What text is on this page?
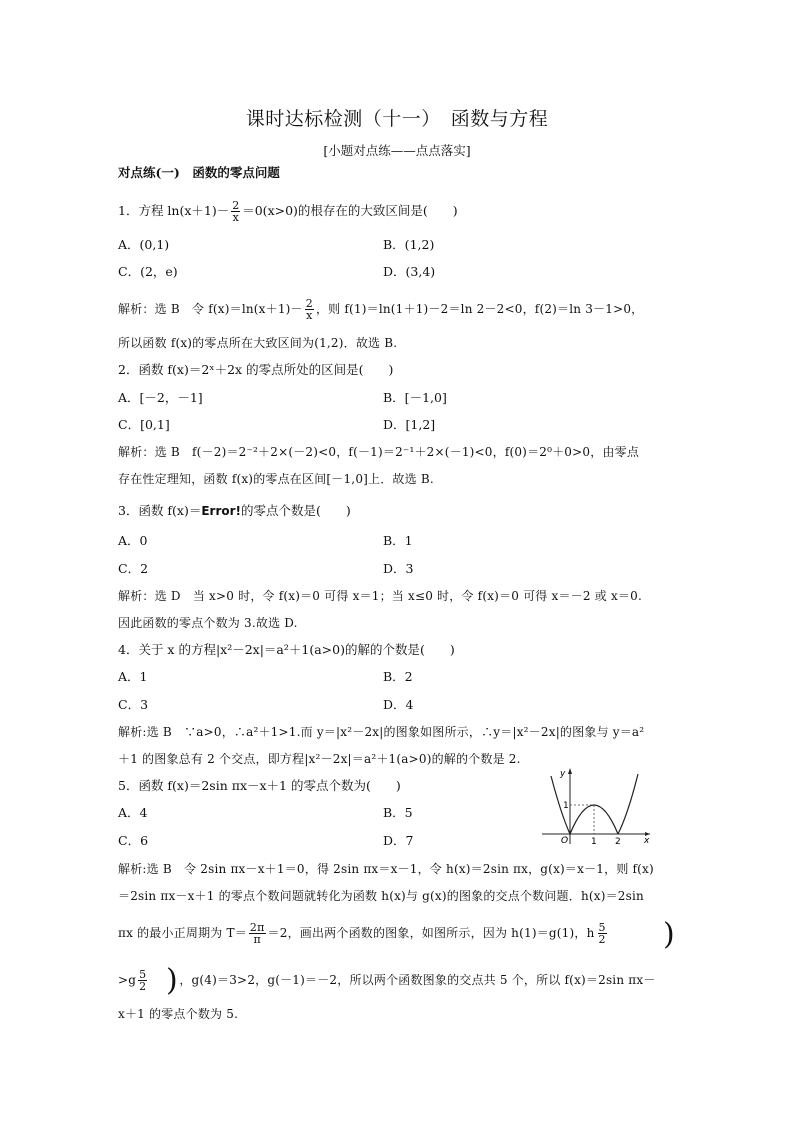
课时达标检测（十一）　函数与方程
[小题对点练——点点落实]
对点练(一)　函数的零点问题
1．方程 $\ln(x+1)- \frac{2}{x} =0(x>0)$的根存在的大致区间是(　　)
A．(0,1)	B．(1,2)
C．(2，e)	D．(3,4)
解析：选 B　令 $f(x)=\ln(x+1)- \frac{2}{x}$ ，则 f(1)＝ln(1＋1)－2＝ln 2－2<0，f(2)＝ln 3－1>0，
所以函数 f(x)的零点所在大致区间为(1,2)．故选 B.
2．函数 f(x)＝2ˣ＋2x 的零点所处的区间是(　　)
A．[－2，－1]	B．[－1,0]
C．[0,1]	D．[1,2]
解析：选 B　f(－2)＝2⁻²＋2×(－2)<0，f(－1)＝2⁻¹＋2×(－1)<0，f(0)＝2⁰＋0>0，由零点
存在性定理知，函数 f(x)的零点在区间[－1,0]上．故选 B.
3．函数 f(x)＝Error!的零点个数是(　　)
A．0	B．1
C．2	D．3
解析：选 D　当 x>0 时，令 f(x)＝0 可得 x＝1；当 x≤0 时，令 f(x)＝0 可得 x＝－2 或 x＝0.
因此函数的零点个数为 3.故选 D.
4．关于 x 的方程|x²－2x|＝a²＋1(a>0)的解的个数是(　　)
A．1	B．2
C．3	D．4
解析:选 B　∵a>0，∴a²＋1>1.而 y＝|x²－2x|的图象如图所示，∴y＝|x²－2x|的图象与 y＝a²
＋1 的图象总有 2 个交点，即方程|x²－2x|＝a²＋1(a>0)的解的个数是 2.
5．函数 f(x)＝2sin πx－x＋1 的零点个数为(　　)
A．4	B．5
C．6	D．7
y
x
O	1 2
1
解析:选 B　令 2sin πx－x＋1＝0，得 2sin πx＝x－1，令 h(x)＝2sin πx，g(x)＝x－1，则 f(x)
＝2sin πx－x＋1 的零点个数问题就转化为函数 h(x)与 g(x)的图象的交点个数问题．h(x)＝2sin
πx 的最小正周期为 $T= \frac{2\pi}{\pi} =2$，画出两个函数的图象，如图所示，因为 h(1)＝g(1)，h $\frac{5}{2}$ )
$>g \frac{5}{2}$	，g(4)＝3>2，g(－1)＝－2，所以两个函数图象的交点共 5 个，所以 f(x)＝2sin πx－
)
x＋1 的零点个数为 5.
